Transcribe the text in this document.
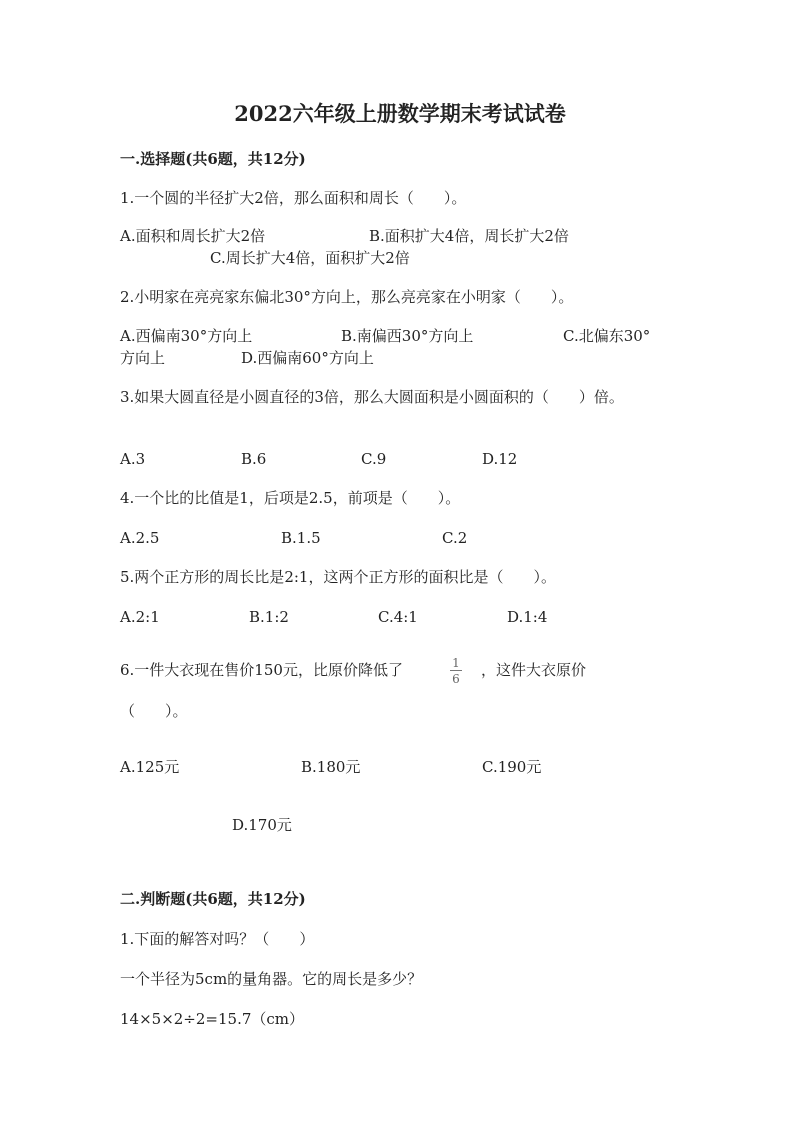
2022六年级上册数学期末考试试卷
一.选择题(共6题，共12分)
1.一个圆的半径扩大2倍，那么面积和周长（　　）。
A.面积和周长扩大2倍	B.面积扩大4倍，周长扩大2倍
C.周长扩大4倍，面积扩大2倍
2.小明家在亮亮家东偏北30°方向上，那么亮亮家在小明家（　　）。
A.西偏南30°方向上	B.南偏西30°方向上	C.北偏东30°
方向上	D.西偏南60°方向上
3.如果大圆直径是小圆直径的3倍，那么大圆面积是小圆面积的（　　）倍。
A.3	B.6	C.9	D.12
4.一个比的比值是1，后项是2.5，前项是（　　）。
A.2.5	B.1.5	C.2
5.两个正方形的周长比是2:1，这两个正方形的面积比是（　　）。
A.2:1	B.1:2	C.4:1	D.1:4
6.一件大衣现在售价150元，比原价降低了	1
6 ，这件大衣原价
（　　）。
A.125元	B.180元	C.190元
D.170元
二.判断题(共6题，共12分)
1.下面的解答对吗？（　　）
一个半径为5cm的量角器。它的周长是多少？
14×5×2÷2=15.7（cm）
